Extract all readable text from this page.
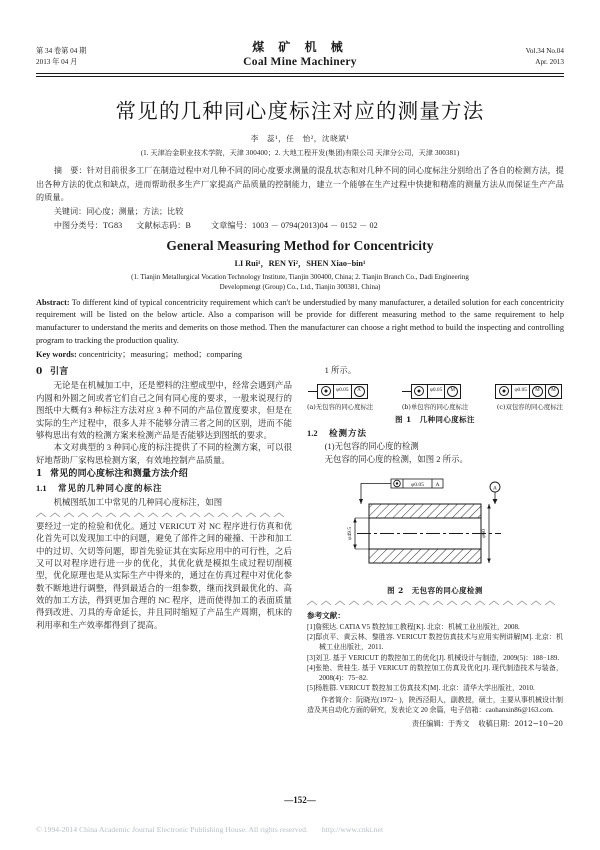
第 34 卷第 04 期
2013 年 04 月
煤 矿 机 械
Coal Mine Machinery
Vol.34 No.04
Apr. 2013
常见的几种同心度标注对应的测量方法
李　蕊¹，任　怡²，沈晓斌¹
(1. 天津冶金职业技术学院，天津 300400；2. 大地工程开发(集团)有限公司 天津分公司，天津 300381)
摘　要：针对目前很多工厂在制造过程中对几种不同的同心度要求测量的混乱状态和对几种不同的同心度标注分别给出了各自的检测方法，提出各种方法的优点和缺点，进而帮助很多生产厂家提高产品质量的控制能力，建立一个能够在生产过程中快捷和精准的测量方法从而保证生产产品的质量。
关键词：同心度；测量；方法；比较
中图分类号：TG83 文献标志码：B 文章编号：1003 － 0794(2013)04 － 0152 － 02
General Measuring Method for Concentricity
LI Rui¹，REN Yi²，SHEN Xiao−bin¹
(1. Tianjin Metallurgical Vocation Technology Institute, Tianjin 300400, China; 2. Tianjin Branch Co., Dadi Engineering
Developmengt (Group) Co., Ltd., Tianjin 300381, China)
Abstract: To different kind of typical concentricity requirement which can't be understudied by many manufacturer, a detailed solution for each concentricity requirement will be listed on the below article. Also a comparison will be provide for different measuring method to the same requirement to help manufacturer to understand the merits and demerits on those method. Then the manufacturer can choose a right method to build the inspecting and controlling program to tracking the production quality.
Key words: concentricity；measuring；method；comparing
0 引言

无论是在机械加工中，还是塑料的注塑成型中，经常会遇到产品内圆和外圆之间或者它们自己之间有同心度的要求，一般来说现行的图纸中大概有3 种标注方法对应 3 种不同的产品位置度要求，但是在实际的生产过程中，很多人并不能够分清三者之间的区别，进而不能够构思出有效的检测方案来检测产品是否能够达到图纸的要求。

本文对典型的 3 种同心度的标注提供了不同的检测方案，可以很好地帮助厂家构思检测方案，有效地控制产品质量。

1 常见的同心度标注和测量方法介绍
1.1 常见的几种同心度的标注

机械图纸加工中常见的几种同心度标注，如图

要经过一定的检验和优化。通过 VERICUT 对 NC 程序进行仿真和优化首先可以发现加工中的问题，避免了部件之间的碰撞、干涉和加工中的过切、欠切等问题，即首先验证其在实际应用中的可行性，之后又可以对程序进行进一步的优化，其优化就是模拟生成过程切削模型，优化原理也是从实际生产中得来的，通过在仿真过程中对优化参数不断地进行调整，得到最适合的一组参数，继而找到最优化的、高效的加工方法，得到更加合理的 NC 程序，进而使得加工的表面质量得到改进、刀具的寿命延长，并且同时缩短了产品生产周期，机床的利用率和生产效率都得到了提高。

1 所示。

φ0.05	A	φ0.05	M	φ0.05	M	M
(a)无包容的同心度标注	(b)单包容的同心度标注	(c)双包容的同心度标注
图 1 几种同心度标注
1.2 检测方法

(1)无包容的同心度的检测

无包容的同心度的检测，如图 2 所示。

φ0.05 A
A
φ49.5	φ60
图 2 无包容的同心度检测
参考文献：

[1]詹熙达. CATIA V5 数控加工教程[K]. 北京：机械工业出版社，2008.

[2]邸贞平、黄云林、黎胜容. VERICUT 数控仿真技术与应用实例讲解[M]. 北京：机械工业出版社，2011.

[3]刘卫. 基于 VERICUT 的数控加工的优化[J]. 机械设计与制造，2009(5)：188−189.

[4]张艳、贵桂生. 基于 VERICUT 的数控加工仿真及优化[J]. 现代制造技术与装备，2008(4)：75−82.

[5]杨胜群. VERICUT 数控加工仿真技术[M]. 北京：清华大学出版社，2010.

作者简介：阮晓光(1972− )，陕西泾阳人，副教授，硕士，主要从事机械设计制造及其自动化方面的研究，发表论文 20 余篇，电子信箱：caohanxin86@163.com.

责任编辑：于秀文 收稿日期：2012−10−20
—152—
© 1994-2014 China Academic Journal Electronic Publishing House. All rights reserved. http://www.cnki.net
